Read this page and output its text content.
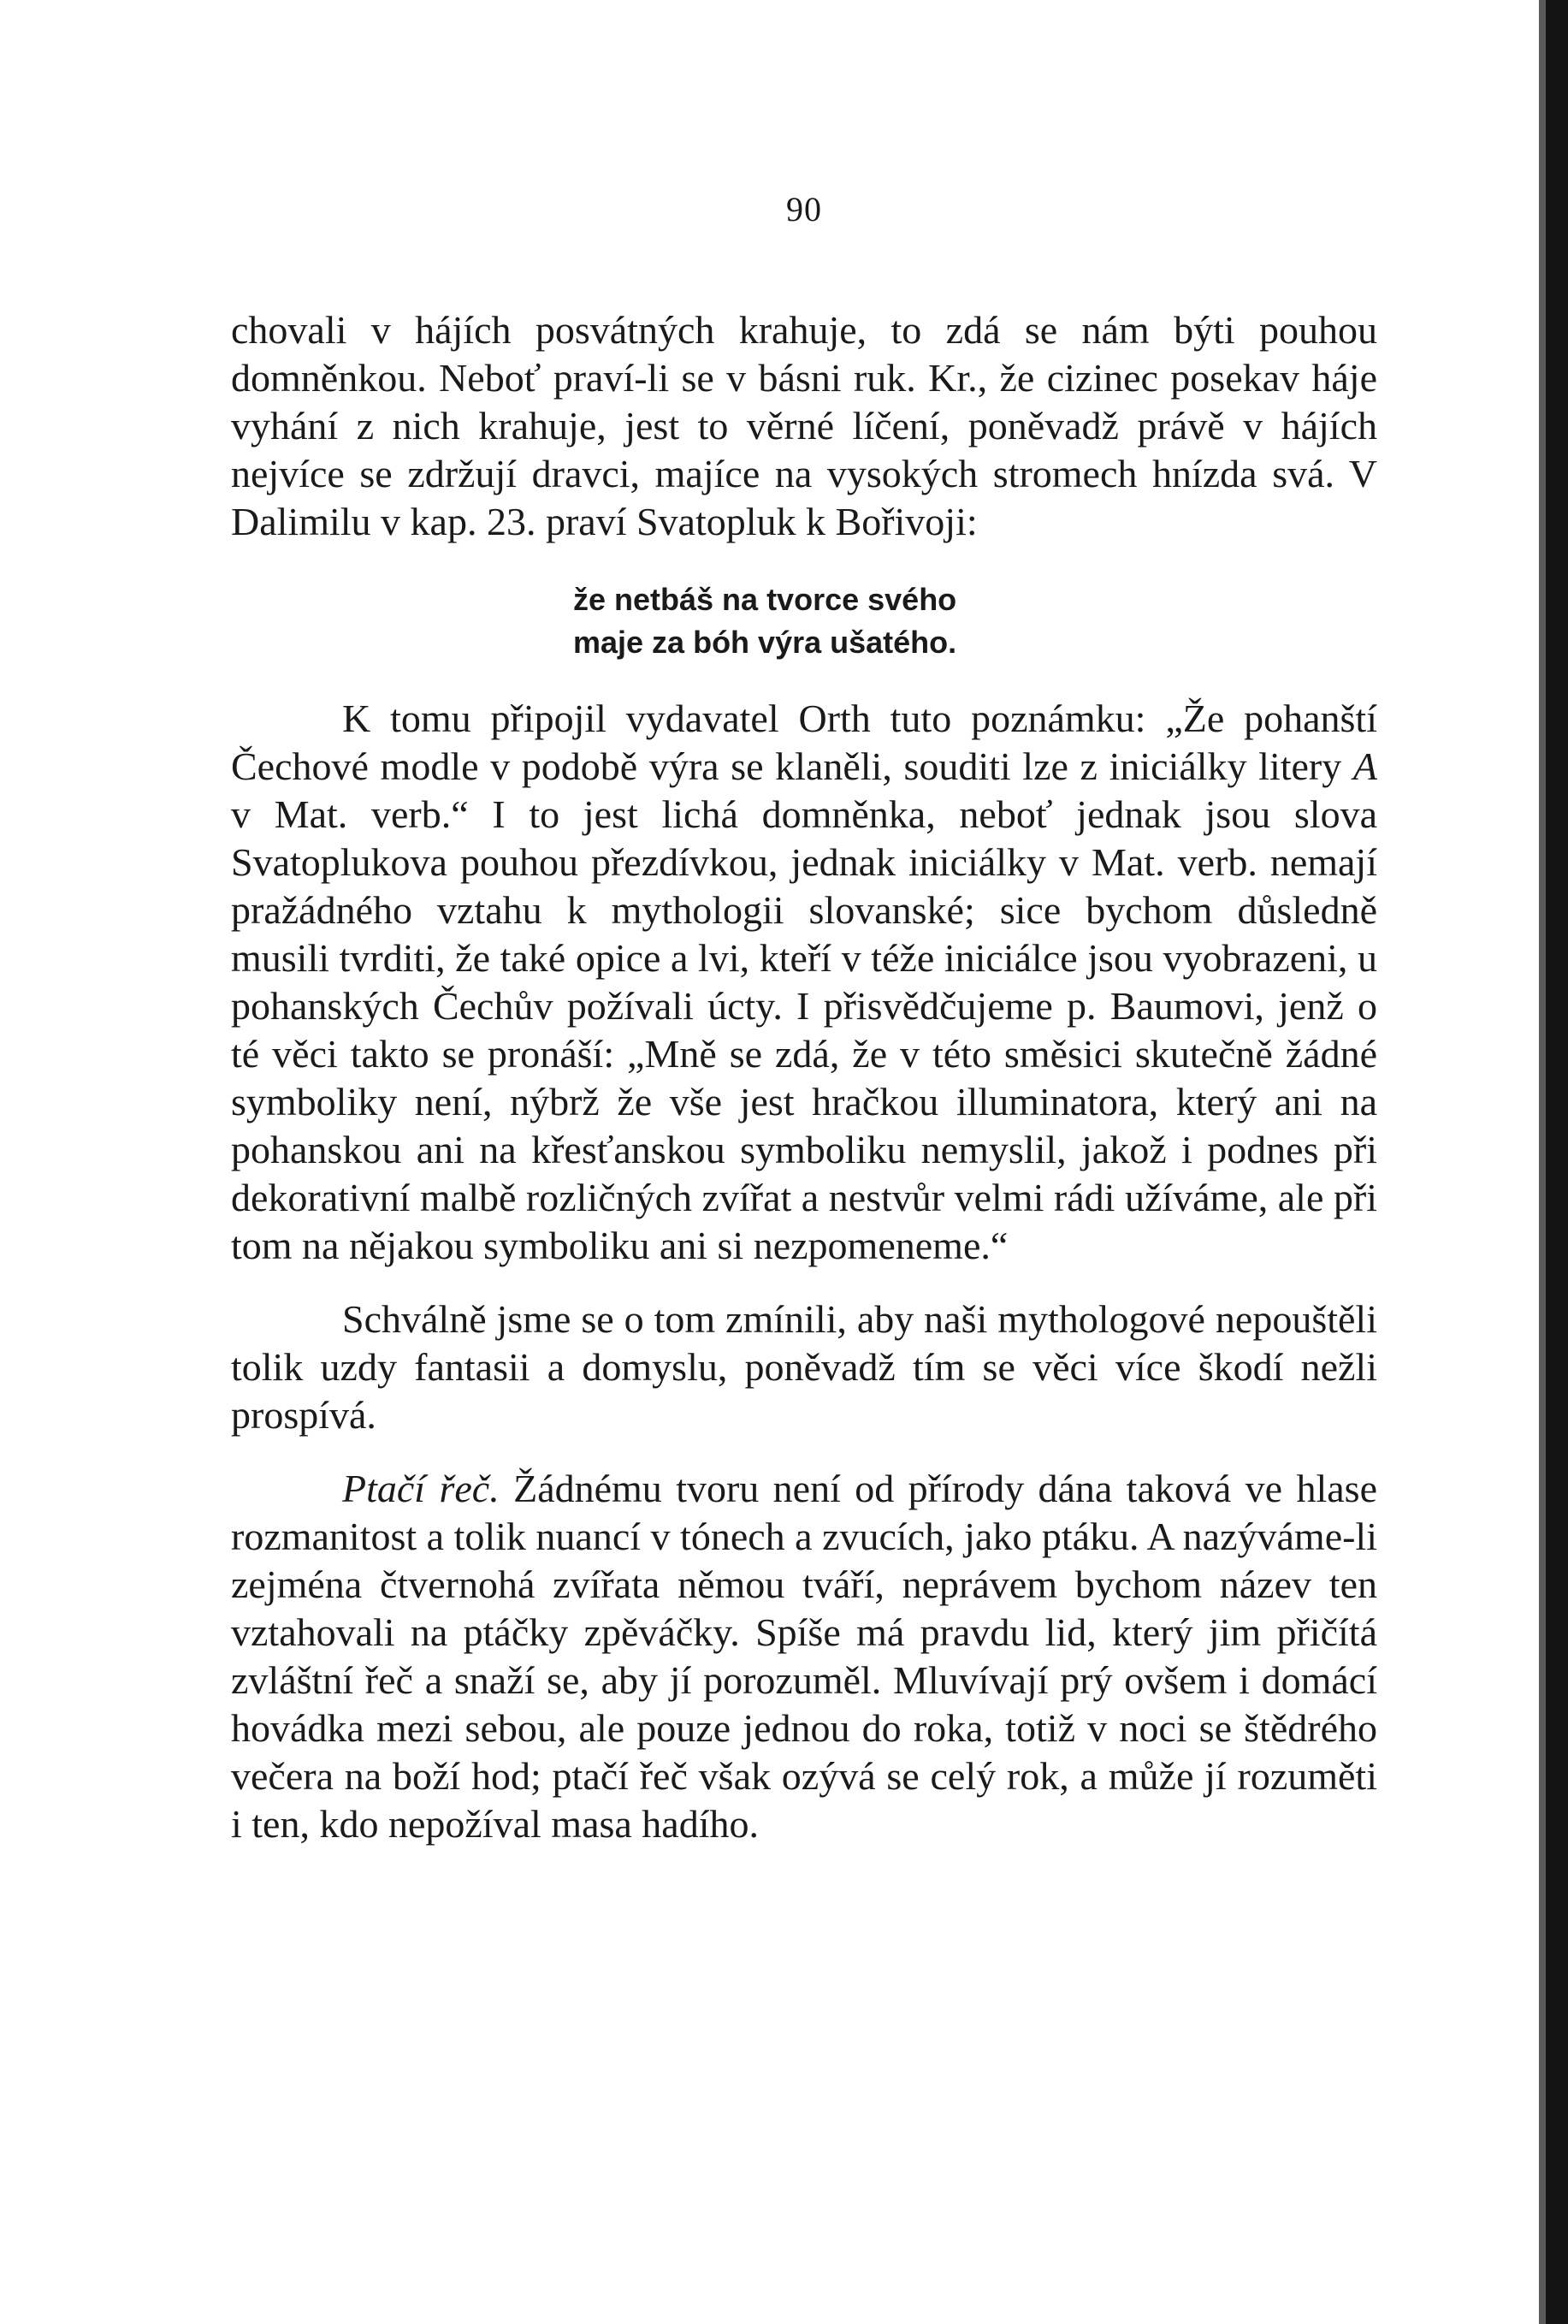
90

chovali v hájích posvátných krahuje, to zdá se nám býti pouhou domněnkou. Neboť praví-li se v básni ruk. Kr., že cizinec posekav háje vyhání z nich krahuje, jest to věrné líčení, poněvadž právě v hájích nejvíce se zdržují dravci, majíce na vysokých stromech hnízda svá. V Dalimilu v kap. 23. praví Svatopluk k Bořivoji:

že netbáš na tvorce svého
maje za bóh výra ušatého.

K tomu připojil vydavatel Orth tuto poznámku: „Že pohanští Čechové modle v podobě výra se klaněli, souditi lze z iniciálky litery A v Mat. verb.“ I to jest lichá domněnka, neboť jednak jsou slova Svatoplukova pouhou přezdívkou, jednak iniciálky v Mat. verb. nemají pražádného vztahu k mythologii slovanské; sice bychom důsledně musili tvrditi, že také opice a lvi, kteří v téže iniciálce jsou vyobrazeni, u pohanských Čechův požívali úcty. I přisvědčujeme p. Baumovi, jenž o té věci takto se pronáší: „Mně se zdá, že v této směsici skutečně žádné symboliky není, nýbrž že vše jest hračkou illuminatora, který ani na pohanskou ani na křesťanskou symboliku nemyslil, jakož i podnes při dekorativní malbě rozličných zvířat a nestvůr velmi rádi užíváme, ale při tom na nějakou symboliku ani si nezpomeneme.“

Schválně jsme se o tom zmínili, aby naši mythologové nepouštěli tolik uzdy fantasii a domyslu, poněvadž tím se věci více škodí nežli prospívá.

Ptačí řeč. Žádnému tvoru není od přírody dána taková ve hlase rozmanitost a tolik nuancí v tónech a zvucích, jako ptáku. A nazýváme-li zejména čtvernohá zvířata němou tváří, neprávem bychom název ten vztahovali na ptáčky zpěváčky. Spíše má pravdu lid, který jim přičítá zvláštní řeč a snaží se, aby jí porozuměl. Mluvívají prý ovšem i domácí hovádka mezi sebou, ale pouze jednou do roka, totiž v noci se štědrého večera na boží hod; ptačí řeč však ozývá se celý rok, a může jí rozuměti i ten, kdo nepožíval masa hadího.
